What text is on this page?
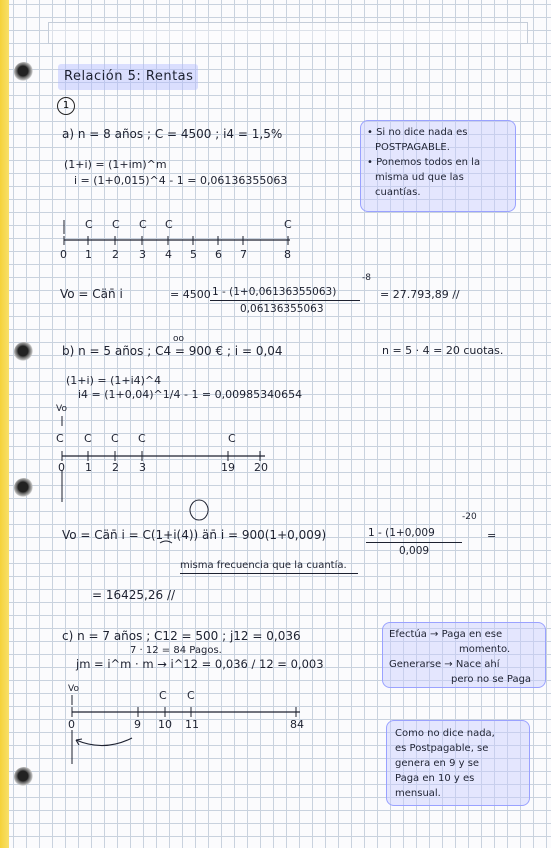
Relación 5: Rentas
1
a) n = 8 años ; C = 4500 ; i4 = 1,5%
(1+i) = (1+im)^m
i = (1+0,015)^4 - 1 = 0,06136355063
C C C C	C
0 1 2 3 4 5 6 7	8
Vo = Cän̄ i	= 4500 ·
1 - (1+0,06136355063)
-8
0,06136355063
= 27.793,89 //
oo
b) n = 5 años ; C4 = 900 € ; i = 0,04	n = 5 · 4 = 20 cuotas.
(1+i) = (1+i4)^4
i4 = (1+0,04)^1/4 - 1 = 0,00985340654
Vo
C C C C	C
0 1 2 3	19 20
Vo = Cän̄ i = C(1+i(4)) än̄ i = 900(1+0,009)	1 - (1+0,009
-20
0,009
=
misma frecuencia que la cuantía.
= 16425,26 //
c) n = 7 años ; C12 = 500 ; j12 = 0,036
7 · 12 = 84 Pagos.
jm = i^m · m → i^12 = 0,036 / 12 = 0,003
Vo	C C
0	9 10 11	84
• Si no dice nada es
POSTPAGABLE.
• Ponemos todos en la
misma ud que las
cuantías.
Efectúa → Paga en ese
momento.
Generarse → Nace ahí
pero no se Paga
Como no dice nada,
es Postpagable, se
genera en 9 y se
Paga en 10 y es
mensual.
